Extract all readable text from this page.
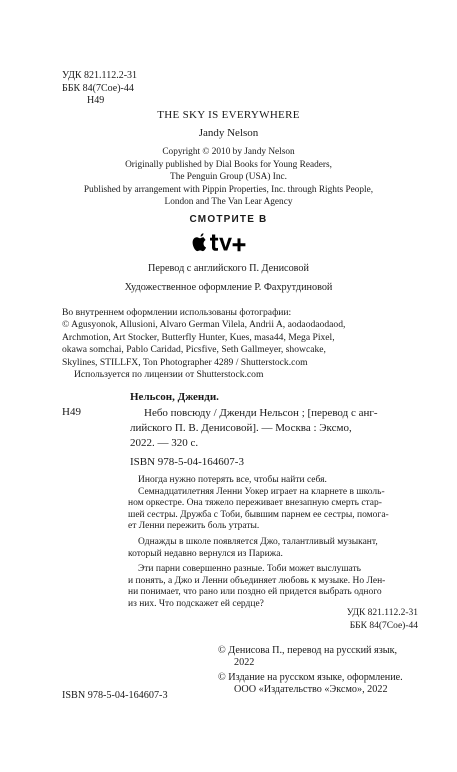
УДК 821.112.2-31
ББК 84(7Сое)-44
Н49
THE SKY IS EVERYWHERE
Jandy Nelson
Copyright © 2010 by Jandy Nelson
Originally published by Dial Books for Young Readers,
The Penguin Group (USA) Inc.
Published by arrangement with Pippin Properties, Inc. through Rights People,
London and The Van Lear Agency
СМОТРИТЕ В
Перевод с английского П. Денисовой
Художественное оформление Р. Фахрутдиновой
Во внутреннем оформлении использованы фотографии:
© Agusyonok, Allusioni, Alvaro German Vilela, Andrii A, aodaodaodaod,
Archmotion, Art Stocker, Butterfly Hunter, Kues, masa44, Mega Pixel,
okawa somchai, Pablo Caridad, Picsfive, Seth Gallmeyer, showcake,
Skylines, STILLFX, Ton Photographer 4289 / Shutterstock.com
Используется по лицензии от Shutterstock.com
Нельсон, Дженди.
Н49	Небо повсюду / Дженди Нельсон ; [перевод с анг-
лийского П. В. Денисовой]. — Москва : Эксмо,
2022. — 320 с.
ISBN 978-5-04-164607-3
Иногда нужно потерять все, чтобы найти себя.
Семнадцатилетняя Ленни Уокер играет на кларнете в школь-
ном оркестре. Она тяжело переживает внезапную смерть стар-
шей сестры. Дружба с Тоби, бывшим парнем ее сестры, помога-
ет Ленни пережить боль утраты.
Однажды в школе появляется Джо, талантливый музыкант,
который недавно вернулся из Парижа.
Эти парни совершенно разные. Тоби может выслушать
и понять, а Джо и Ленни объединяет любовь к музыке. Но Лен-
ни понимает, что рано или поздно ей придется выбрать одного
из них. Что подскажет ей сердце?
УДК 821.112.2-31
ББК 84(7Сое)-44
© Денисова П., перевод на русский язык,
2022
© Издание на русском языке, оформление.
ООО «Издательство «Эксмо», 2022
ISBN 978-5-04-164607-3
